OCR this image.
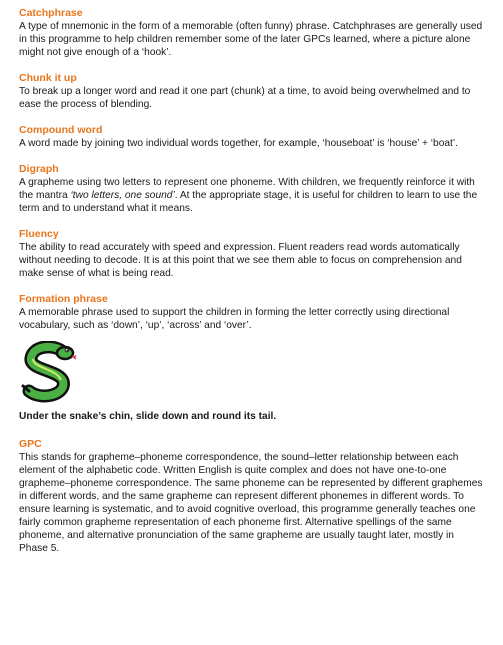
Catchphrase

A type of mnemonic in the form of a memorable (often funny) phrase. Catchphrases are generally used in this programme to help children remember some of the later GPCs learned, where a picture alone might not give enough of a ‘hook’.

Chunk it up

To break up a longer word and read it one part (chunk) at a time, to avoid being overwhelmed and to ease the process of blending.

Compound word

A word made by joining two individual words together, for example, ‘houseboat’ is ‘house’ + ‘boat’.

Digraph

A grapheme using two letters to represent one phoneme. With children, we frequently reinforce it with the mantra ‘two letters, one sound’. At the appropriate stage, it is useful for children to learn to use the term and to understand what it means.

Fluency

The ability to read accurately with speed and expression. Fluent readers read words automatically without needing to decode. It is at this point that we see them able to focus on comprehension and make sense of what is being read.

Formation phrase

A memorable phrase used to support the children in forming the letter correctly using directional vocabulary, such as ‘down’, ‘up’, ‘across’ and ‘over’.

Under the snake’s chin, slide down and round its tail.

GPC

This stands for grapheme–phoneme correspondence, the sound–letter relationship between each element of the alphabetic code. Written English is quite complex and does not have one-to-one grapheme–phoneme correspondence. The same phoneme can be represented by different graphemes in different words, and the same grapheme can represent different phonemes in different words. To ensure learning is systematic, and to avoid cognitive overload, this programme generally teaches one fairly common grapheme representation of each phoneme first. Alternative spellings of the same phoneme, and alternative pronunciation of the same grapheme are usually taught later, mostly in Phase 5.
